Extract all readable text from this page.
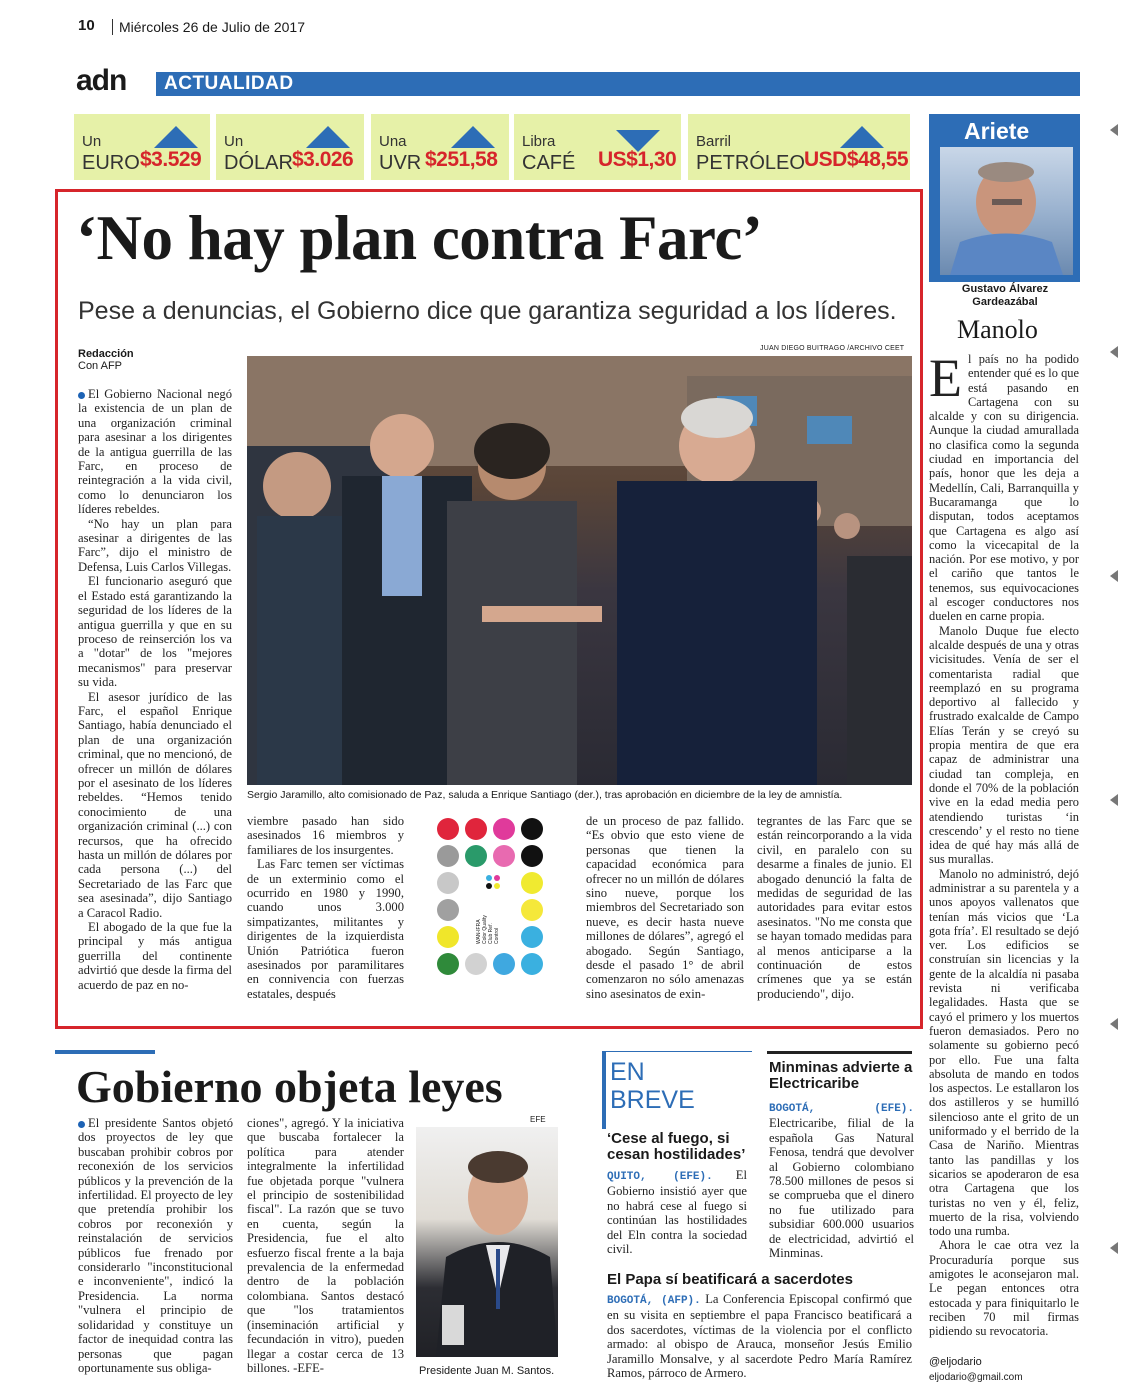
10	Miércoles 26 de Julio de 2017
adn ACTUALIDAD
Un
EURO $3.529
Un
DÓLAR $3.026
Una
UVR $251,58
Libra
CAFÉ US$1,30
Barril
PETRÓLEO USD$48,55
‘No hay plan contra Farc’
Pese a denuncias, el Gobierno dice que garantiza seguridad a los líderes.
Redacción
Con AFP
JUAN DIEGO BUITRAGO /ARCHIVO CEET
Sergio Jaramillo, alto comisionado de Paz, saluda a Enrique Santiago (der.), tras aprobación en diciembre de la ley de amnistía.

El Gobierno Nacional negó la existencia de un plan de una organización criminal para asesinar a los dirigentes de la antigua guerrilla de las Farc, en proceso de reintegración a la vida civil, como lo denunciaron los líderes rebeldes.

“No hay un plan para asesinar a dirigentes de las Farc”, dijo el ministro de Defensa, Luis Carlos Villegas.

El funcionario aseguró que el Estado está garantizando la seguridad de los líderes de la antigua guerrilla y que en su proceso de reinserción los va a "dotar" de los "mejores mecanismos" para preservar su vida.

El asesor jurídico de las Farc, el español Enrique Santiago, había denunciado el plan de una organización criminal, que no mencionó, de ofrecer un millón de dólares por el asesinato de los líderes rebeldes. “Hemos tenido conocimiento de una organización criminal (...) con recursos, que ha ofrecido hasta un millón de dólares por cada persona (...) del Secretariado de las Farc que sea asesinada”, dijo Santiago a Caracol Radio.

El abogado de la que fue la principal y más antigua guerrilla del continente advirtió que desde la firma del acuerdo de paz en no-

viembre pasado han sido asesinados 16 miembros y familiares de los insurgentes.

Las Farc temen ser víctimas de un exterminio como el ocurrido en 1980 y 1990, cuando unos 3.000 simpatizantes, militantes y dirigentes de la izquierdista Unión Patriótica fueron asesinados por paramilitares en connivencia con fuerzas estatales, después

WAN-IFRA Color Quality Club Ref. Control

de un proceso de paz fallido. “Es obvio que esto viene de personas que tienen la capacidad económica para ofrecer no un millón de dólares sino nueve, porque los miembros del Secretariado son nueve, es decir hasta nueve millones de dólares”, agregó el abogado. Según Santiago, desde el pasado 1° de abril comenzaron no sólo amenazas sino asesinatos de exin-

tegrantes de las Farc que se están reincorporando a la vida civil, en paralelo con su desarme a finales de junio. El abogado denunció la falta de medidas de seguridad de las autoridades para evitar estos asesinatos. "No me consta que se hayan tomado medidas para al menos anticiparse a la continuación de estos crímenes que ya se están produciendo", dijo.

Gobierno objeta leyes

El presidente Santos objetó dos proyectos de ley que buscaban prohibir cobros por reconexión de los servicios públicos y la prevención de la infertilidad. El proyecto de ley que pretendía prohibir los cobros por reconexión y reinstalación de servicios públicos fue frenado por considerarlo "inconstitucional e inconveniente", indicó la Presidencia. La norma "vulnera el principio de solidaridad y constituye un factor de inequidad contra las personas que pagan oportunamente sus obliga-

ciones", agregó. Y la iniciativa que buscaba fortalecer la política para atender integralmente la infertilidad fue objetada porque "vulnera el principio de sostenibilidad fiscal". La razón que se tuvo en cuenta, según la Presidencia, fue el alto esfuerzo fiscal frente a la baja prevalencia de la enfermedad dentro de la población colombiana. Santos destacó que "los tratamientos (inseminación artificial y fecundación in vitro), pueden llegar a costar cerca de 13 billones. -EFE-

EFE
Presidente Juan M. Santos.
EN BREVE
‘Cese al fuego, si cesan hostilidades’

QUITO, (EFE). El Gobierno insistió ayer que no habrá cese al fuego si continúan las hostilidades del Eln contra la sociedad civil.

Minminas advierte a Electricaribe

BOGOTÁ, (EFE). Electricaribe, filial de la española Gas Natural Fenosa, tendrá que devolver al Gobierno colombiano 78.500 millones de pesos si se comprueba que el dinero no fue utilizado para subsidiar 600.000 usuarios de electricidad, advirtió el Minminas.

El Papa sí beatificará a sacerdotes

BOGOTÁ, (AFP). La Conferencia Episcopal confirmó que en su visita en septiembre el papa Francisco beatificará a dos sacerdotes, víctimas de la violencia por el conflicto armado: al obispo de Arauca, monseñor Jesús Emilio Jaramillo Monsalve, y al sacerdote Pedro María Ramírez Ramos, párroco de Armero.

Ariete
Gustavo Álvarez Gardeazábal
Manolo

El país no ha podido entender qué es lo que está pasando en Cartagena con su alcalde y con su dirigencia. Aunque la ciudad amurallada no clasifica como la segunda ciudad en importancia del país, honor que les deja a Medellín, Cali, Barranquilla y Bucaramanga que lo disputan, todos aceptamos que Cartagena es algo así como la vicecapital de la nación. Por ese motivo, y por el cariño que tantos le tenemos, sus equivocaciones al escoger conductores nos duelen en carne propia.

Manolo Duque fue electo alcalde después de una y otras vicisitudes. Venía de ser el comentarista radial que reemplazó en su programa deportivo al fallecido y frustrado exalcalde de Campo Elías Terán y se creyó su propia mentira de que era capaz de administrar una ciudad tan compleja, en donde el 70% de la población vive en la edad media pero atendiendo turistas ‘in crescendo’ y el resto no tiene idea de qué hay más allá de sus murallas.

Manolo no administró, dejó administrar a su parentela y a unos apoyos vallenatos que tenían más vicios que ‘La gota fría’. El resultado se dejó ver. Los edificios se construían sin licencias y la gente de la alcaldía ni pasaba revista ni verificaba legalidades. Hasta que se cayó el primero y los muertos fueron demasiados. Pero no solamente su gobierno pecó por ello. Fue una falta absoluta de mando en todos los aspectos. Le estallaron los dos astilleros y se humilló silencioso ante el grito de un uniformado y el berrido de la Casa de Nariño. Mientras tanto las pandillas y los sicarios se apoderaron de esa otra Cartagena que los turistas no ven y él, feliz, muerto de la risa, volviendo todo una rumba.

Ahora le cae otra vez la Procuraduría porque sus amigotes le aconsejaron mal. Le pegan entonces otra estocada y para finiquitarlo le reciben 70 mil firmas pidiendo su revocatoria.

@eljodario
eljodario@gmail.com
